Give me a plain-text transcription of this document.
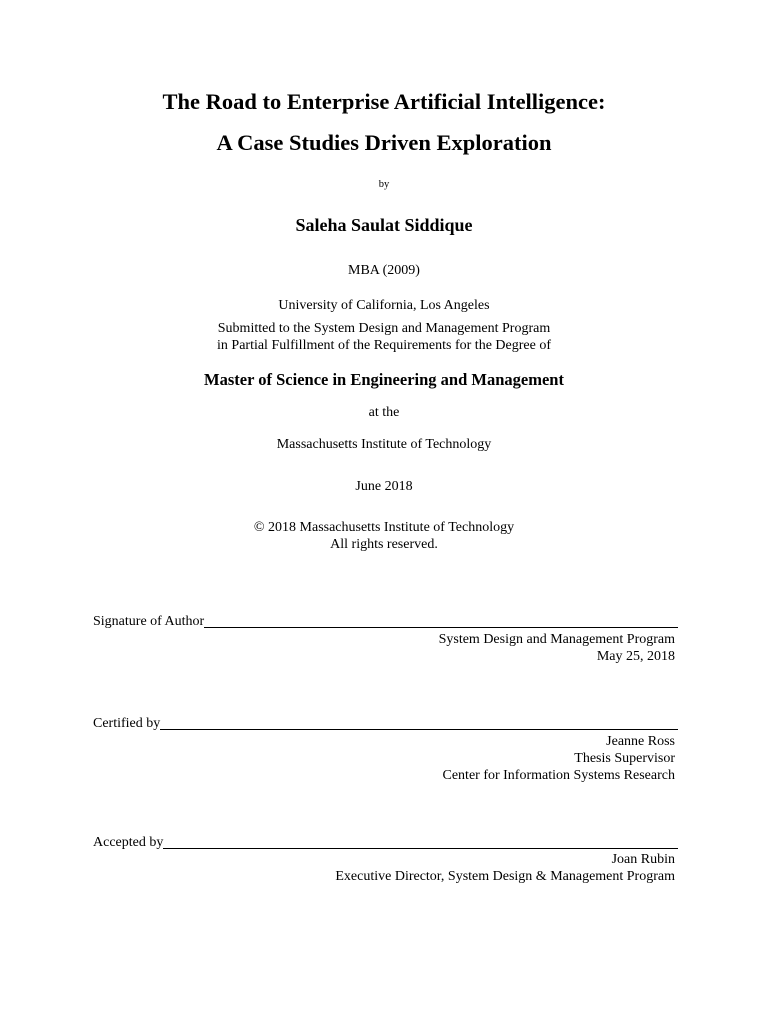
The Road to Enterprise Artificial Intelligence:
A Case Studies Driven Exploration
by
Saleha Saulat Siddique
MBA (2009)
University of California, Los Angeles
Submitted to the System Design and Management Program
in Partial Fulfillment of the Requirements for the Degree of
Master of Science in Engineering and Management
at the
Massachusetts Institute of Technology
June 2018
© 2018 Massachusetts Institute of Technology
All rights reserved.
Signature of Author
System Design and Management Program
May 25, 2018
Certified by
Jeanne Ross
Thesis Supervisor
Center for Information Systems Research
Accepted by
Joan Rubin
Executive Director, System Design & Management Program
